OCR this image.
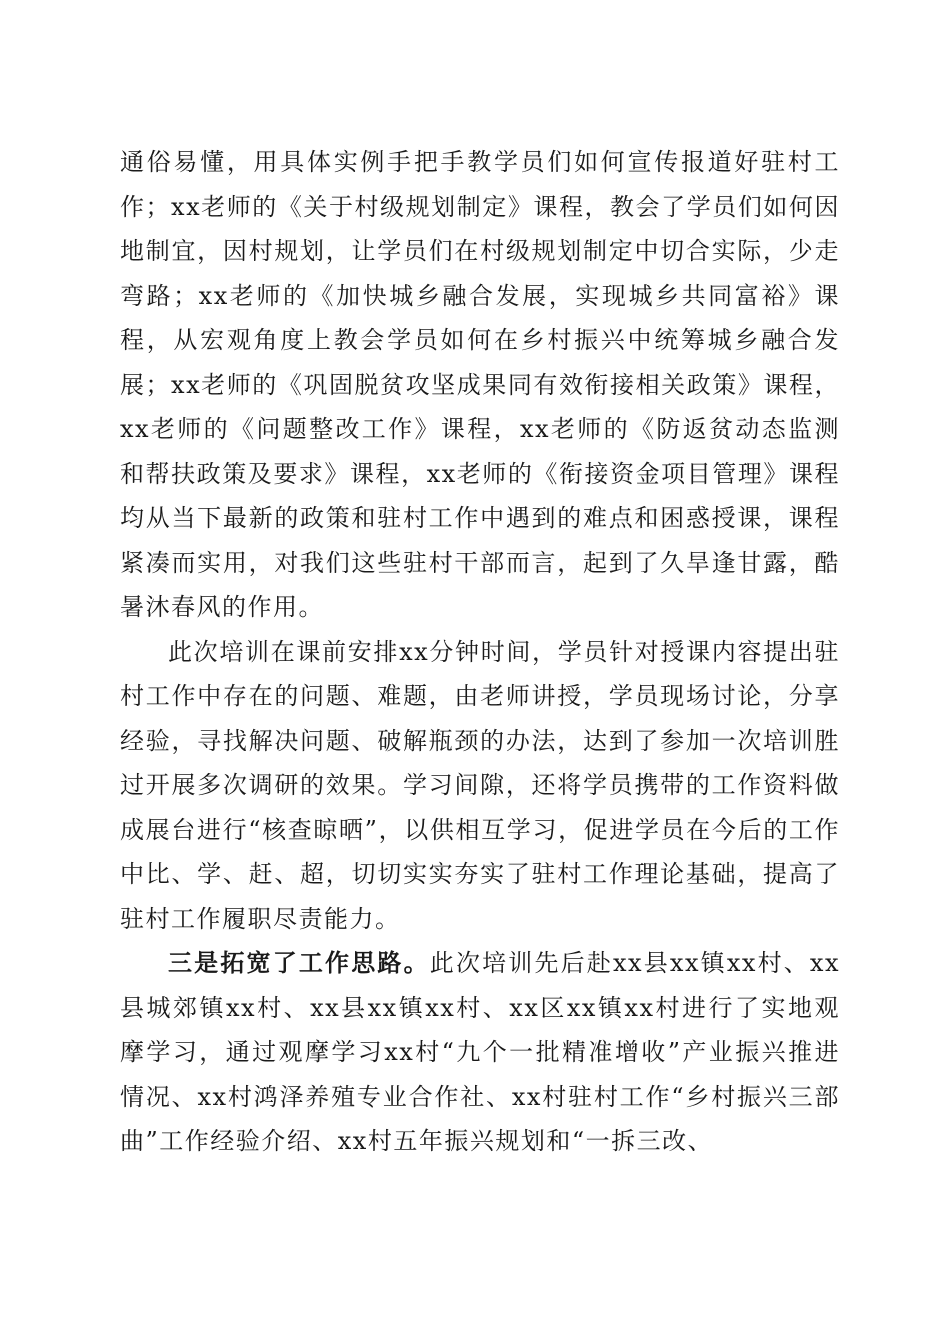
通俗易懂，用具体实例手把手教学员们如何宣传报道好驻村工作；xx老师的《关于村级规划制定》课程，教会了学员们如何因地制宜，因村规划，让学员们在村级规划制定中切合实际，少走弯路；xx老师的《加快城乡融合发展，实现城乡共同富裕》课程，从宏观角度上教会学员如何在乡村振兴中统筹城乡融合发展；xx老师的《巩固脱贫攻坚成果同有效衔接相关政策》课程，xx老师的《问题整改工作》课程，xx老师的《防返贫动态监测和帮扶政策及要求》课程，xx老师的《衔接资金项目管理》课程均从当下最新的政策和驻村工作中遇到的难点和困惑授课，课程紧凑而实用，对我们这些驻村干部而言，起到了久旱逢甘露，酷暑沐春风的作用。

此次培训在课前安排xx分钟时间，学员针对授课内容提出驻村工作中存在的问题、难题，由老师讲授，学员现场讨论，分享经验，寻找解决问题、破解瓶颈的办法，达到了参加一次培训胜过开展多次调研的效果。学习间隙，还将学员携带的工作资料做成展台进行“核查晾晒”，以供相互学习，促进学员在今后的工作中比、学、赶、超，切切实实夯实了驻村工作理论基础，提高了驻村工作履职尽责能力。

三是拓宽了工作思路。此次培训先后赴xx县xx镇xx村、xx县城郊镇xx村、xx县xx镇xx村、xx区xx镇xx村进行了实地观摩学习，通过观摩学习xx村“九个一批精准增收”产业振兴推进情况、xx村鸿泽养殖专业合作社、xx村驻村工作“乡村振兴三部曲”工作经验介绍、xx村五年振兴规划和“一拆三改、
